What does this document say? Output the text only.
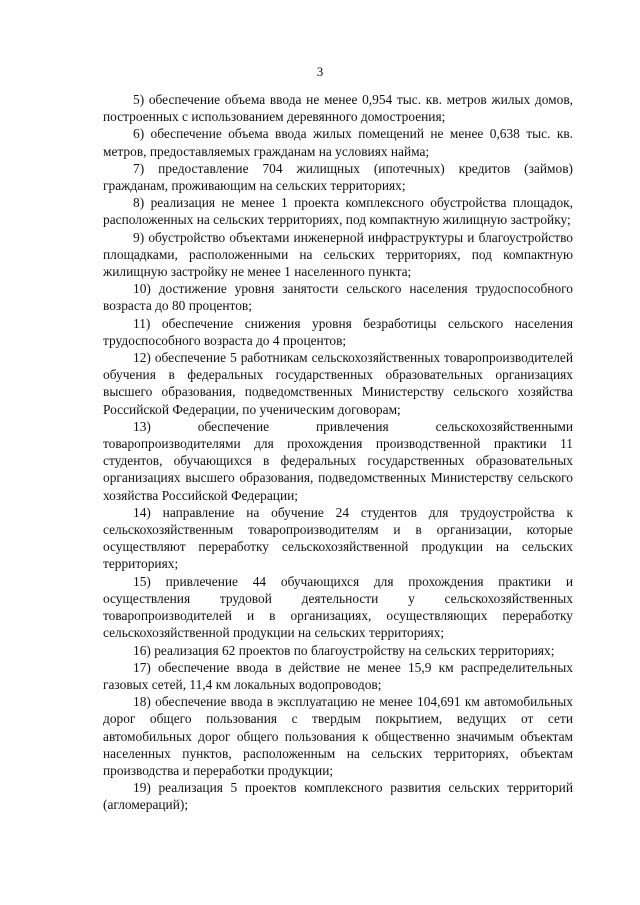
3

5) обеспечение объема ввода не менее 0,954 тыс. кв. метров жилых домов, построенных с использованием деревянного домостроения;

6) обеспечение объема ввода жилых помещений не менее 0,638 тыс. кв. метров, предоставляемых гражданам на условиях найма;

7) предоставление 704 жилищных (ипотечных) кредитов (займов) гражданам, проживающим на сельских территориях;

8) реализация не менее 1 проекта комплексного обустройства площадок, расположенных на сельских территориях, под компактную жилищную застройку;

9) обустройство объектами инженерной инфраструктуры и благоустройство площадками, расположенными на сельских территориях, под компактную жилищную застройку не менее 1 населенного пункта;

10) достижение уровня занятости сельского населения трудоспособного возраста до 80 процентов;

11) обеспечение снижения уровня безработицы сельского населения трудоспособного возраста до 4 процентов;

12) обеспечение 5 работникам сельскохозяйственных товаропроизводителей обучения в федеральных государственных образовательных организациях высшего образования, подведомственных Министерству сельского хозяйства Российской Федерации, по ученическим договорам;

13) обеспечение привлечения сельскохозяйственными товаропроизводителями для прохождения производственной практики 11 студентов, обучающихся в федеральных государственных образовательных организациях высшего образования, подведомственных Министерству сельского хозяйства Российской Федерации;

14) направление на обучение 24 студентов для трудоустройства к сельскохозяйственным товаропроизводителям и в организации, которые осуществляют переработку сельскохозяйственной продукции на сельских территориях;

15) привлечение 44 обучающихся для прохождения практики и осуществления трудовой деятельности у сельскохозяйственных товаропроизводителей и в организациях, осуществляющих переработку сельскохозяйственной продукции на сельских территориях;

16) реализация 62 проектов по благоустройству на сельских территориях;

17) обеспечение ввода в действие не менее 15,9 км распределительных газовых сетей, 11,4 км локальных водопроводов;

18) обеспечение ввода в эксплуатацию не менее 104,691 км автомобильных дорог общего пользования с твердым покрытием, ведущих от сети автомобильных дорог общего пользования к общественно значимым объектам населенных пунктов, расположенным на сельских территориях, объектам производства и переработки продукции;

19) реализация 5 проектов комплексного развития сельских территорий (агломераций);
